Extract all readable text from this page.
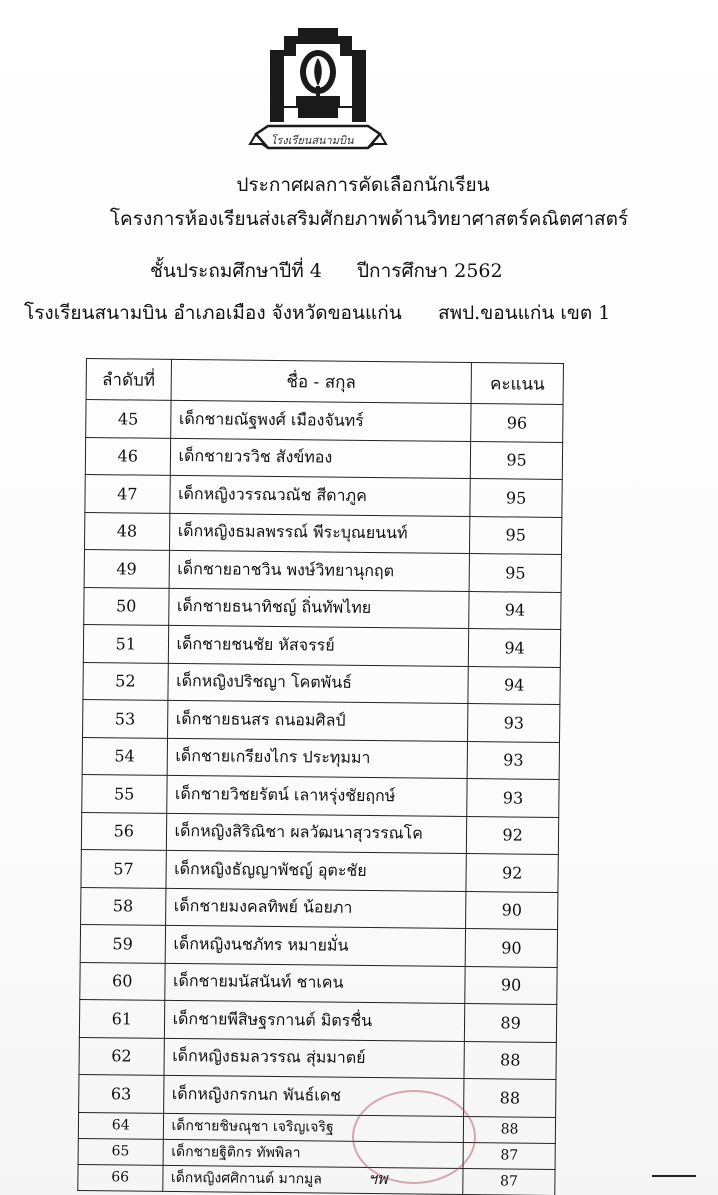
โรงเรียนสนามบิน
ประกาศผลการคัดเลือกนักเรียน
โครงการห้องเรียนส่งเสริมศักยภาพด้านวิทยาศาสตร์คณิตศาสตร์
ชั้นประถมศึกษาปีที่ 4 ปีการศึกษา 2562
โรงเรียนสนามบิน อำเภอเมือง จังหวัดขอนแก่น สพป.ขอนแก่น เขต 1
ลำดับที่	ชื่อ - สกุล	คะแนน
45	เด็กชายณัฐพงศ์ เมืองจันทร์	96
46	เด็กชายวรวิช สังข์ทอง	95
47	เด็กหญิงวรรณวณัช สีดาภูค	95
48	เด็กหญิงธมลพรรณ์ พีระบุณยนนท์	95
49	เด็กชายอาชวิน พงษ์วิทยานุกฤต	95
50	เด็กชายธนาทิชญ์ ถิ่นทัพไทย	94
51	เด็กชายชนชัย หัสจรรย์	94
52	เด็กหญิงปริชญา โคตพันธ์	94
53	เด็กชายธนสร ถนอมศิลป์	93
54	เด็กชายเกรียงไกร ประทุมมา	93
55	เด็กชายวิชยรัตน์ เลาหรุ่งชัยฤกษ์	93
56	เด็กหญิงสิริณิชา ผลวัฒนาสุวรรณโค	92
57	เด็กหญิงธัญญาพัชญ์ อุตะชัย	92
58	เด็กชายมงคลทิพย์ น้อยภา	90
59	เด็กหญิงนชภัทร หมายมั่น	90
60	เด็กชายมนัสนันท์ ชาเคน	90
61	เด็กชายพีสิษฐรกานต์ มิตรชื่น	89
62	เด็กหญิงธมลวรรณ สุ่มมาตย์	88
63	เด็กหญิงกรกนก พันธ์เดช	88
64	เด็กชายชิษณุชา เจริญเจริฐ	88
65	เด็กชายฐิติกร ทัพพิลา	87
66	เด็กหญิงศศิกานต์ มากมูล	87
ฯพ
